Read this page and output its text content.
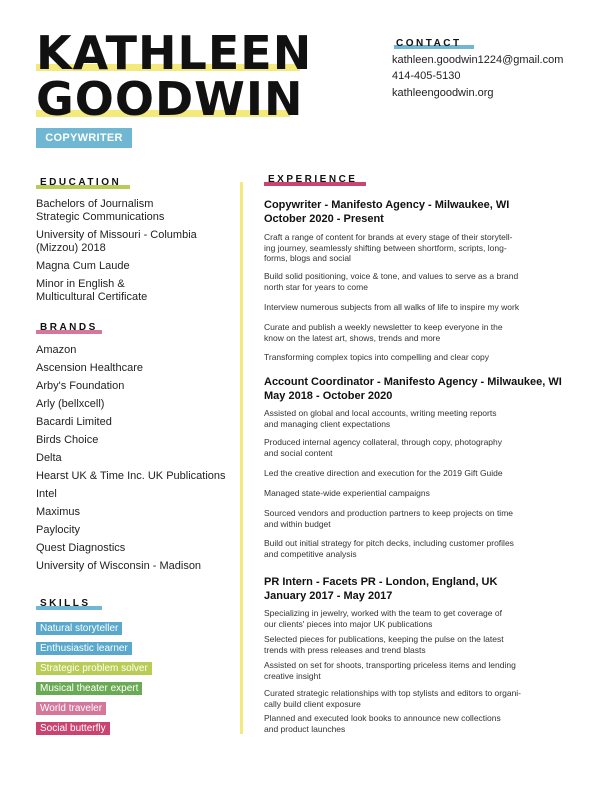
KATHLEEN
GOODWIN
COPYWRITER
CONTACT
kathleen.goodwin1224@gmail.com
414-405-5130
kathleengoodwin.org
EDUCATION
Bachelors of Journalism
Strategic Communications
University of Missouri - Columbia
(Mizzou) 2018
Magna Cum Laude
Minor in English &
Multicultural Certificate
BRANDS
Amazon
Ascension Healthcare
Arby's Foundation
Arly (bellxcell)
Bacardi Limited
Birds Choice
Delta
Hearst UK & Time Inc. UK Publications
Intel
Maximus
Paylocity
Quest Diagnostics
University of Wisconsin - Madison
SKILLS
Natural storyteller
Enthusiastic learner
Strategic problem solver
Musical theater expert
World traveler
Social butterfly
EXPERIENCE
Copywriter - Manifesto Agency - Milwaukee, WI
October 2020 - Present
Craft a range of content for brands at every stage of their storytell-
ing journey, seamlessly shifting between shortform, scripts, long-
forms, blogs and social
Build solid positioning, voice & tone, and values to serve as a brand
north star for years to come
Interview numerous subjects from all walks of life to inspire my work
Curate and publish a weekly newsletter to keep everyone in the
know on the latest art, shows, trends and more
Transforming complex topics into compelling and clear copy
Account Coordinator - Manifesto Agency - Milwaukee, WI
May 2018 - October 2020
Assisted on global and local accounts, writing meeting reports
and managing client expectations
Produced internal agency collateral, through copy, photography
and social content
Led the creative direction and execution for the 2019 Gift Guide
Managed state-wide experiential campaigns
Sourced vendors and production partners to keep projects on time
and within budget
Build out initial strategy for pitch decks, including customer profiles
and competitive analysis
PR Intern - Facets PR - London, England, UK
January 2017 - May 2017
Specializing in jewelry, worked with the team to get coverage of
our clients' pieces into major UK publications
Selected pieces for publications, keeping the pulse on the latest
trends with press releases and trend blasts
Assisted on set for shoots, transporting priceless items and lending
creative insight
Curated strategic relationships with top stylists and editors to organi-
cally build client exposure
Planned and executed look books to announce new collections
and product launches
